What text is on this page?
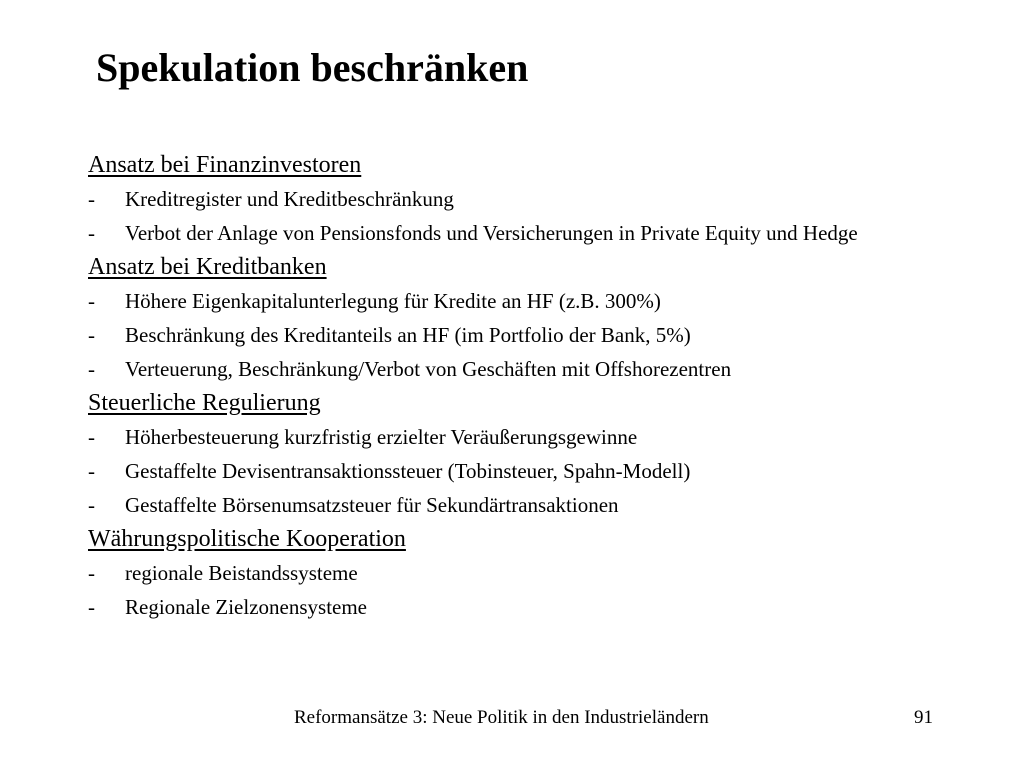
Spekulation beschränken
Ansatz bei Finanzinvestoren
- Kreditregister und Kreditbeschränkung
- Verbot der Anlage von Pensionsfonds und Versicherungen in Private Equity und Hedge
Ansatz bei Kreditbanken
- Höhere Eigenkapitalunterlegung für Kredite an HF (z.B. 300%)
- Beschränkung des Kreditanteils an HF (im Portfolio der Bank, 5%)
- Verteuerung, Beschränkung/Verbot von Geschäften mit Offshorezentren
Steuerliche Regulierung
- Höherbesteuerung kurzfristig erzielter Veräußerungsgewinne
- Gestaffelte Devisentransaktionssteuer (Tobinsteuer, Spahn-Modell)
- Gestaffelte Börsenumsatzsteuer für Sekundärtransaktionen
Währungspolitische Kooperation
- regionale Beistandssysteme
- Regionale Zielzonensysteme
Reformansätze 3: Neue Politik in den Industrieländern	91
